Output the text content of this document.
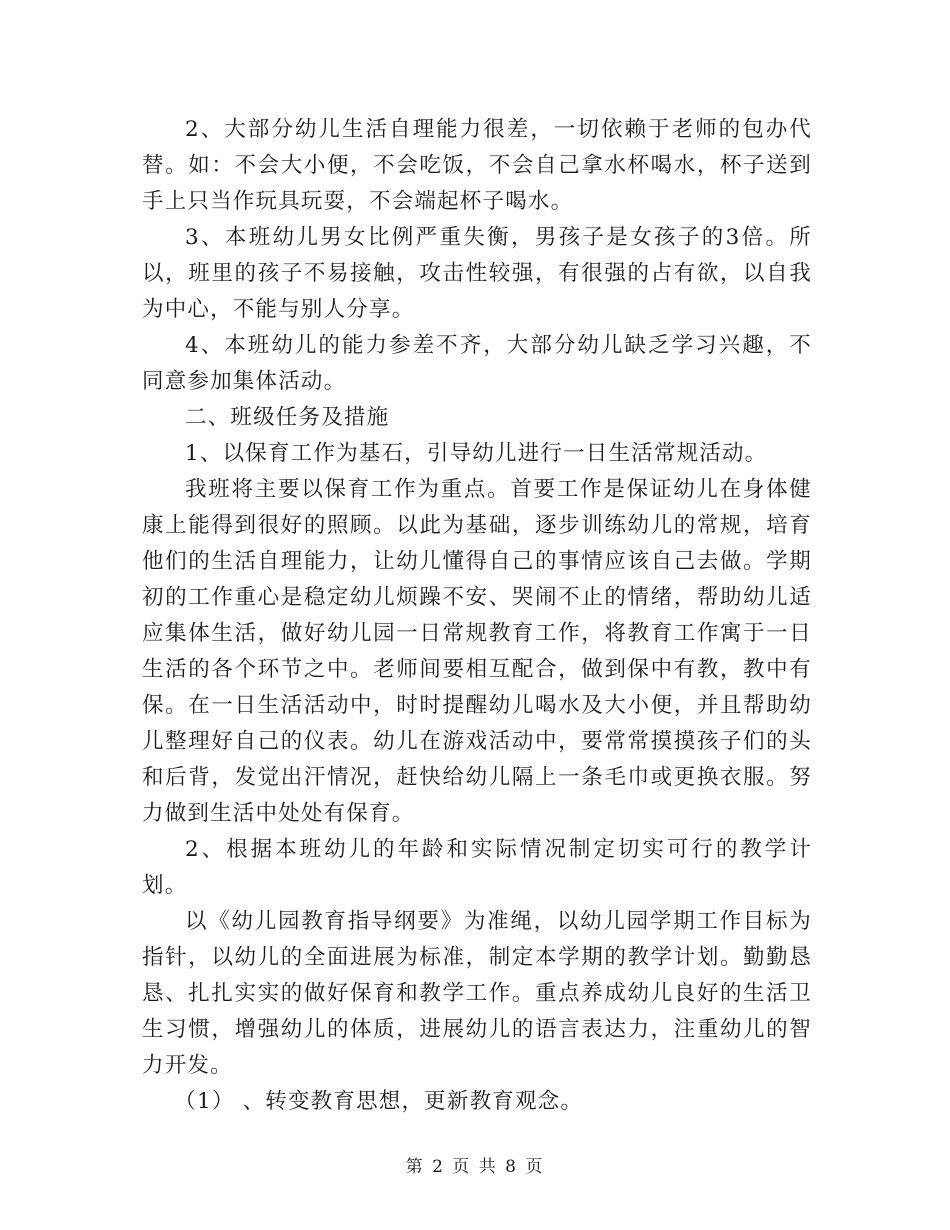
2、大部分幼儿生活自理能力很差，一切依赖于老师的包办代替。如：不会大小便，不会吃饭，不会自己拿水杯喝水，杯子送到手上只当作玩具玩耍，不会端起杯子喝水。

3、本班幼儿男女比例严重失衡，男孩子是女孩子的3倍。所以，班里的孩子不易接触，攻击性较强，有很强的占有欲，以自我为中心，不能与别人分享。

4、本班幼儿的能力参差不齐，大部分幼儿缺乏学习兴趣，不同意参加集体活动。

二、班级任务及措施

1、以保育工作为基石，引导幼儿进行一日生活常规活动。

我班将主要以保育工作为重点。首要工作是保证幼儿在身体健康上能得到很好的照顾。以此为基础，逐步训练幼儿的常规，培育他们的生活自理能力，让幼儿懂得自己的事情应该自己去做。学期初的工作重心是稳定幼儿烦躁不安、哭闹不止的情绪，帮助幼儿适应集体生活，做好幼儿园一日常规教育工作，将教育工作寓于一日生活的各个环节之中。老师间要相互配合，做到保中有教，教中有保。在一日生活活动中，时时提醒幼儿喝水及大小便，并且帮助幼儿整理好自己的仪表。幼儿在游戏活动中，要常常摸摸孩子们的头和后背，发觉出汗情况，赶快给幼儿隔上一条毛巾或更换衣服。努力做到生活中处处有保育。

2、根据本班幼儿的年龄和实际情况制定切实可行的教学计划。

以《幼儿园教育指导纲要》为准绳，以幼儿园学期工作目标为指针，以幼儿的全面进展为标准，制定本学期的教学计划。勤勤恳恳、扎扎实实的做好保育和教学工作。重点养成幼儿良好的生活卫生习惯，增强幼儿的体质，进展幼儿的语言表达力，注重幼儿的智力开发。

（1） 、转变教育思想，更新教育观念。

第 2 页 共 8 页
